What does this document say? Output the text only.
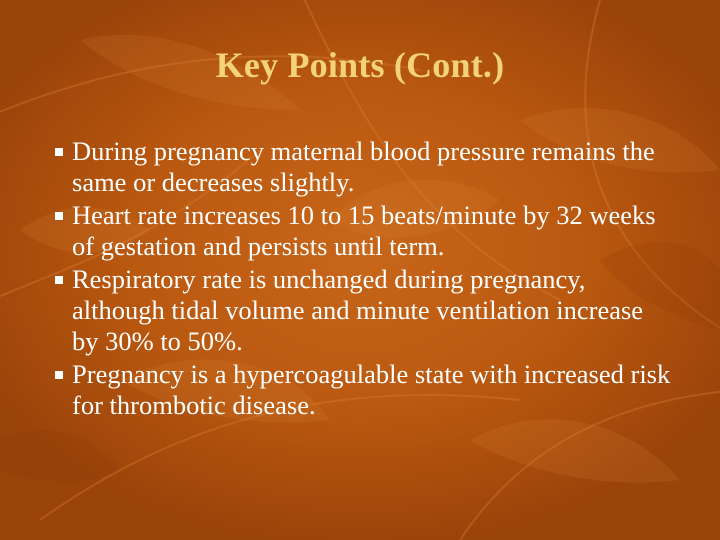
Key Points (Cont.)
During pregnancy maternal blood pressure remains the same or decreases slightly.
Heart rate increases 10 to 15 beats/minute by 32 weeks of gestation and persists until term.
Respiratory rate is unchanged during pregnancy, although tidal volume and minute ventilation increase by 30% to 50%.
Pregnancy is a hypercoagulable state with increased risk for thrombotic disease.
